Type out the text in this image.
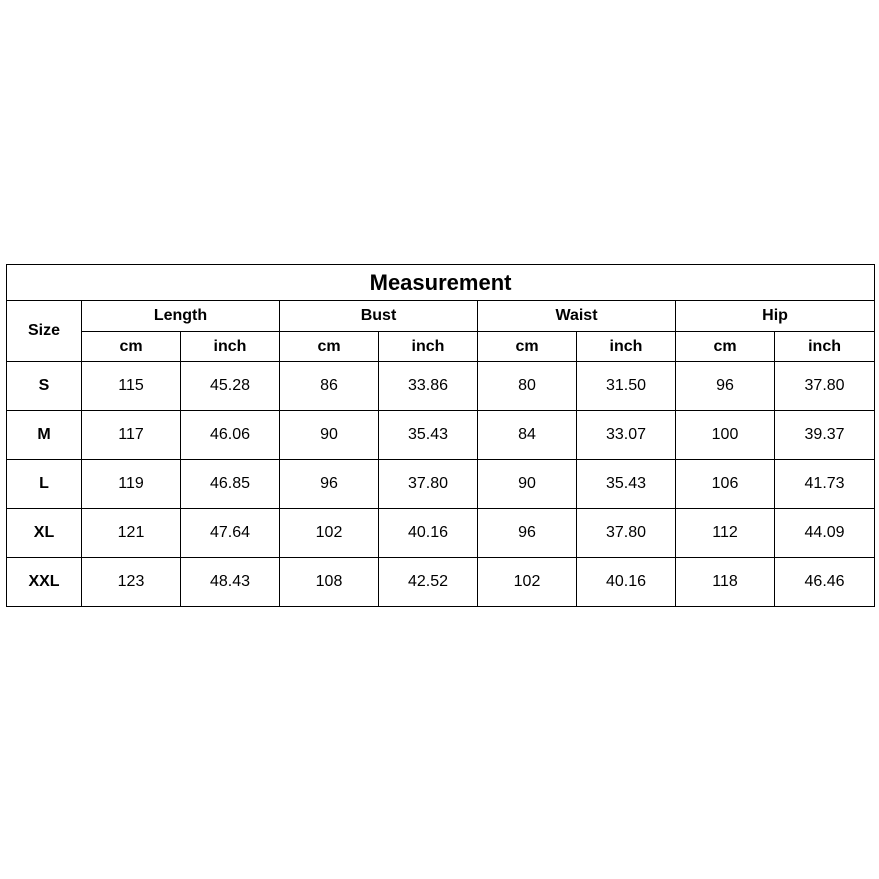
Measurement								
Size	Length		Bust		Waist		Hip	
	cm	inch	cm	inch	cm	inch	cm	inch
S	115	45.28	86	33.86	80	31.50	96	37.80
M	117	46.06	90	35.43	84	33.07	100	39.37
L	119	46.85	96	37.80	90	35.43	106	41.73
XL	121	47.64	102	40.16	96	37.80	112	44.09
XXL	123	48.43	108	42.52	102	40.16	118	46.46
